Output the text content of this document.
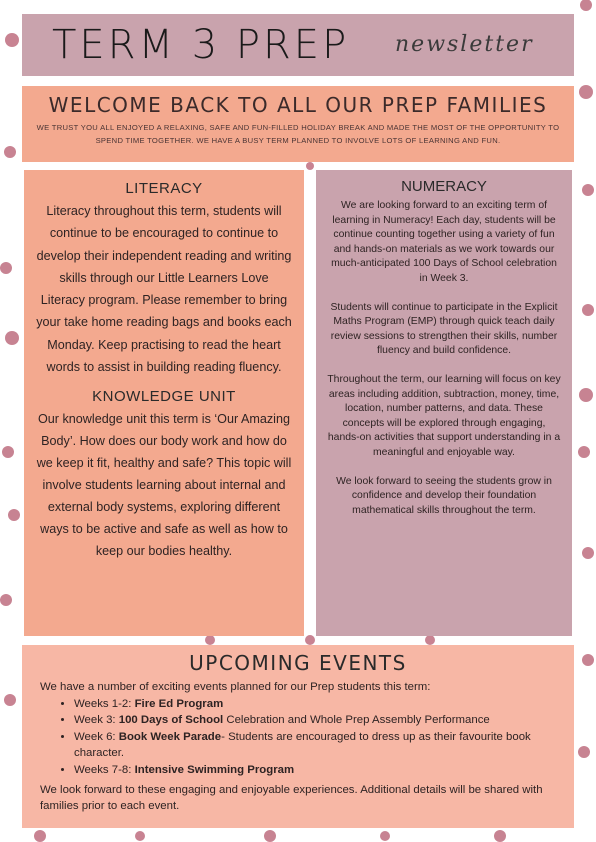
TERM 3 PREP newsletter
WELCOME BACK TO ALL OUR PREP FAMILIES
WE TRUST YOU ALL ENJOYED A RELAXING, SAFE AND FUN-FILLED HOLIDAY BREAK AND MADE THE MOST OF THE OPPORTUNITY TO SPEND TIME TOGETHER. WE HAVE A BUSY TERM PLANNED TO INVOLVE LOTS OF LEARNING AND FUN.
LITERACY

Literacy throughout this term, students will continue to be encouraged to continue to develop their independent reading and writing skills through our Little Learners Love Literacy program. Please remember to bring your take home reading bags and books each Monday. Keep practising to read the heart words to assist in building reading fluency.

KNOWLEDGE UNIT

Our knowledge unit this term is ‘Our Amazing Body’. How does our body work and how do we keep it fit, healthy and safe? This topic will involve students learning about internal and external body systems, exploring different ways to be active and safe as well as how to keep our bodies healthy.

NUMERACY

We are looking forward to an exciting term of learning in Numeracy! Each day, students will be continue counting together using a variety of fun and hands-on materials as we work towards our much-anticipated 100 Days of School celebration in Week 3.

Students will continue to participate in the Explicit Maths Program (EMP) through quick teach daily review sessions to strengthen their skills, number fluency and build confidence.

Throughout the term, our learning will focus on key areas including addition, subtraction, money, time, location, number patterns, and data. These concepts will be explored through engaging, hands-on activities that support understanding in a meaningful and enjoyable way.

We look forward to seeing the students grow in confidence and develop their foundation mathematical skills throughout the term.

UPCOMING EVENTS
We have a number of exciting events planned for our Prep students this term:
• Weeks 1-2: Fire Ed Program
• Week 3: 100 Days of School Celebration and Whole Prep Assembly Performance
• Week 6: Book Week Parade- Students are encouraged to dress up as their favourite book character.
• Weeks 7-8: Intensive Swimming Program
We look forward to these engaging and enjoyable experiences. Additional details will be shared with families prior to each event.
